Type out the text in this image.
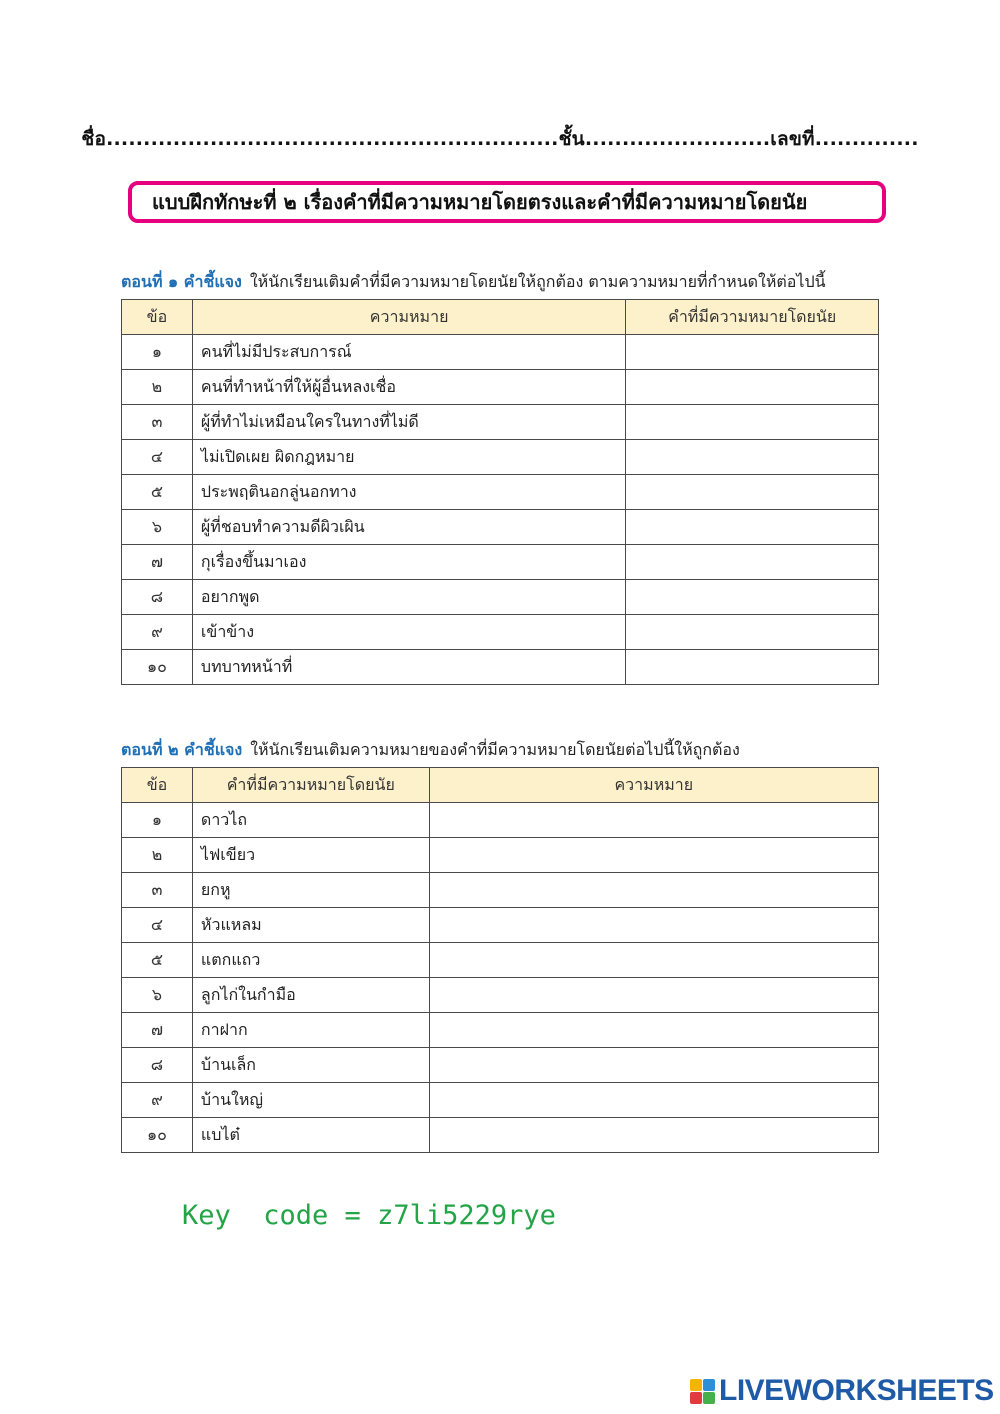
ชื่อ.............................................................ชั้น.........................เลขที่..............
แบบฝึกทักษะที่ ๒ เรื่องคำที่มีความหมายโดยตรงและคำที่มีความหมายโดยนัย
ตอนที่ ๑ คำชี้แจง ให้นักเรียนเติมคำที่มีความหมายโดยนัยให้ถูกต้อง ตามความหมายที่กำหนดให้ต่อไปนี้
ข้อ	ความหมาย	คำที่มีความหมายโดยนัย
๑	คนที่ไม่มีประสบการณ์	
๒	คนที่ทำหน้าที่ให้ผู้อื่นหลงเชื่อ	
๓	ผู้ที่ทำไม่เหมือนใครในทางที่ไม่ดี	
๔	ไม่เปิดเผย ผิดกฎหมาย	
๕	ประพฤตินอกลู่นอกทาง	
๖	ผู้ที่ชอบทำความดีผิวเผิน	
๗	กุเรื่องขึ้นมาเอง	
๘	อยากพูด	
๙	เข้าข้าง	
๑๐	บทบาทหน้าที่	
ตอนที่ ๒ คำชี้แจง ให้นักเรียนเติมความหมายของคำที่มีความหมายโดยนัยต่อไปนี้ให้ถูกต้อง
ข้อ	คำที่มีความหมายโดยนัย	ความหมาย
๑	ดาวไถ	
๒	ไฟเขียว	
๓	ยกหู	
๔	หัวแหลม	
๕	แตกแถว	
๖	ลูกไก่ในกำมือ	
๗	กาฝาก	
๘	บ้านเล็ก	
๙	บ้านใหญ่	
๑๐	แบไต๋	
Key  code = z7li5229rye
LIVEWORKSHEETS
